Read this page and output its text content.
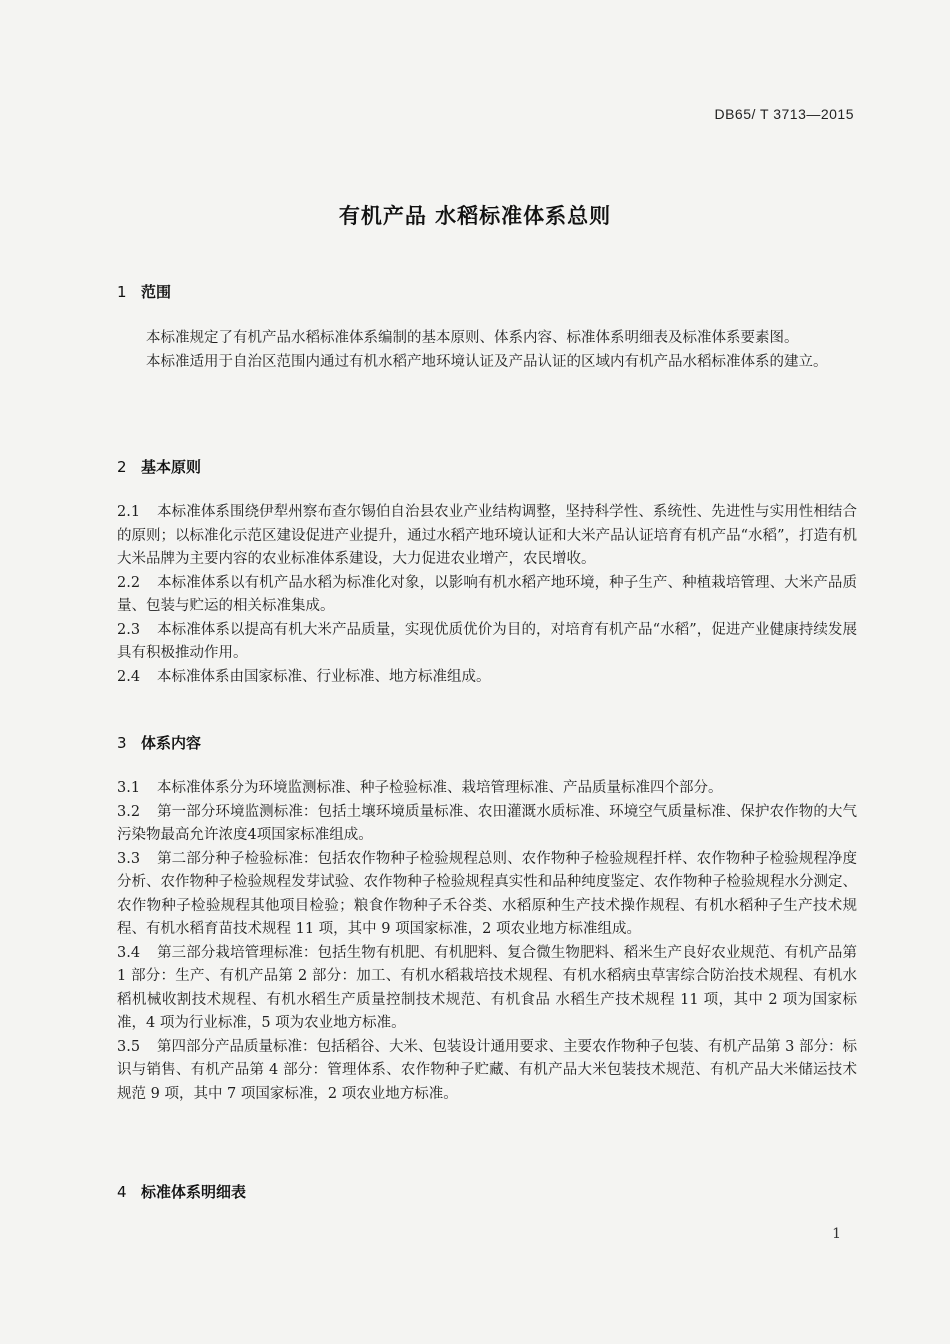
DB65/ T 3713—2015
有机产品 水稻标准体系总则
1 范围

本标准规定了有机产品水稻标准体系编制的基本原则、体系内容、标准体系明细表及标准体系要素图。

本标准适用于自治区范围内通过有机水稻产地环境认证及产品认证的区域内有机产品水稻标准体系的建立。

2 基本原则

2.1 本标准体系围绕伊犁州察布查尔锡伯自治县农业产业结构调整，坚持科学性、系统性、先进性与实用性相结合的原则；以标准化示范区建设促进产业提升，通过水稻产地环境认证和大米产品认证培育有机产品“水稻”，打造有机大米品牌为主要内容的农业标准体系建设，大力促进农业增产，农民增收。

2.2 本标准体系以有机产品水稻为标准化对象，以影响有机水稻产地环境，种子生产、种植栽培管理、大米产品质量、包装与贮运的相关标准集成。

2.3 本标准体系以提高有机大米产品质量，实现优质优价为目的，对培育有机产品“水稻”，促进产业健康持续发展具有积极推动作用。

2.4 本标准体系由国家标准、行业标准、地方标准组成。

3 体系内容

3.1 本标准体系分为环境监测标准、种子检验标准、栽培管理标准、产品质量标准四个部分。

3.2 第一部分环境监测标准：包括土壤环境质量标准、农田灌溉水质标准、环境空气质量标准、保护农作物的大气污染物最高允许浓度4项国家标准组成。

3.3 第二部分种子检验标准：包括农作物种子检验规程总则、农作物种子检验规程扦样、农作物种子检验规程净度分析、农作物种子检验规程发芽试验、农作物种子检验规程真实性和品种纯度鉴定、农作物种子检验规程水分测定、农作物种子检验规程其他项目检验；粮食作物种子禾谷类、水稻原种生产技术操作规程、有机水稻种子生产技术规程、有机水稻育苗技术规程 11 项，其中 9 项国家标准，2 项农业地方标准组成。

3.4 第三部分栽培管理标准：包括生物有机肥、有机肥料、复合微生物肥料、稻米生产良好农业规范、有机产品第 1 部分：生产、有机产品第 2 部分：加工、有机水稻栽培技术规程、有机水稻病虫草害综合防治技术规程、有机水稻机械收割技术规程、有机水稻生产质量控制技术规范、有机食品 水稻生产技术规程 11 项，其中 2 项为国家标准，4 项为行业标准，5 项为农业地方标准。

3.5 第四部分产品质量标准：包括稻谷、大米、包装设计通用要求、主要农作物种子包装、有机产品第 3 部分：标识与销售、有机产品第 4 部分：管理体系、农作物种子贮藏、有机产品大米包装技术规范、有机产品大米储运技术规范 9 项，其中 7 项国家标准，2 项农业地方标准。

4 标准体系明细表
1
